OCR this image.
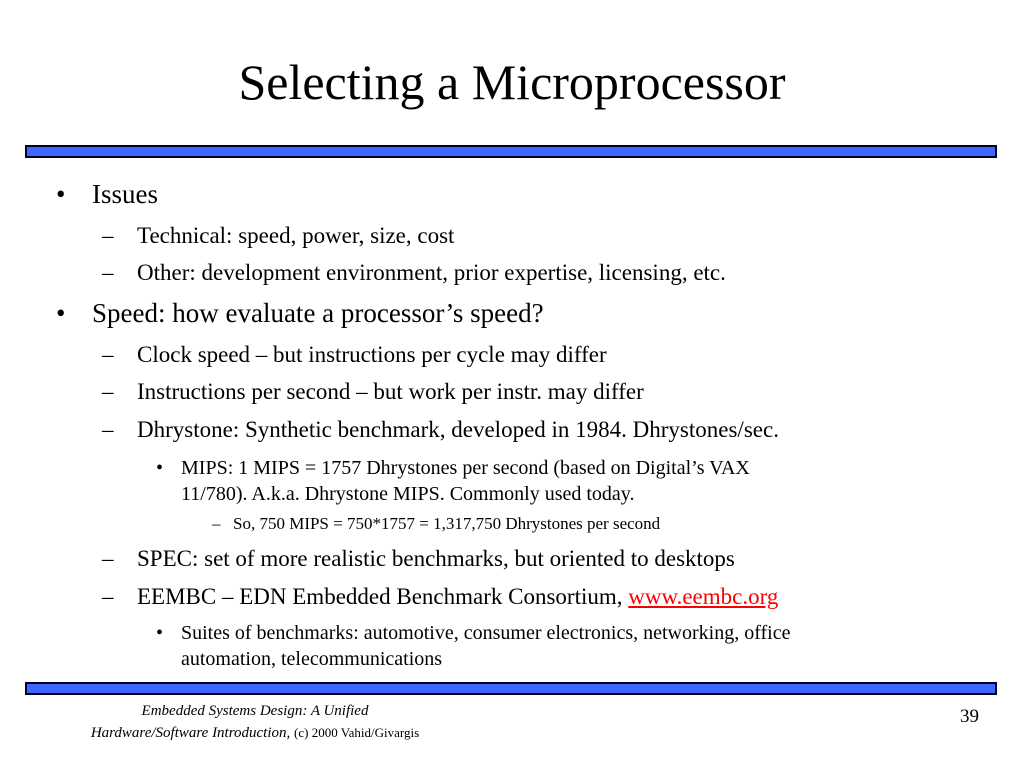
Selecting a Microprocessor
• Issues
– Technical: speed, power, size, cost
– Other: development environment, prior expertise, licensing, etc.
• Speed: how evaluate a processor’s speed?
– Clock speed – but instructions per cycle may differ
– Instructions per second – but work per instr. may differ
– Dhrystone: Synthetic benchmark, developed in 1984. Dhrystones/sec.
• MIPS: 1 MIPS = 1757 Dhrystones per second (based on Digital’s VAX
11/780). A.k.a. Dhrystone MIPS. Commonly used today.
– So, 750 MIPS = 750*1757 = 1,317,750 Dhrystones per second
– SPEC: set of more realistic benchmarks, but oriented to desktops
– EEMBC – EDN Embedded Benchmark Consortium, www.eembc.org
• Suites of benchmarks: automotive, consumer electronics, networking, office
automation, telecommunications
Embedded Systems Design: A Unified
Hardware/Software Introduction, (c) 2000 Vahid/Givargis
39
